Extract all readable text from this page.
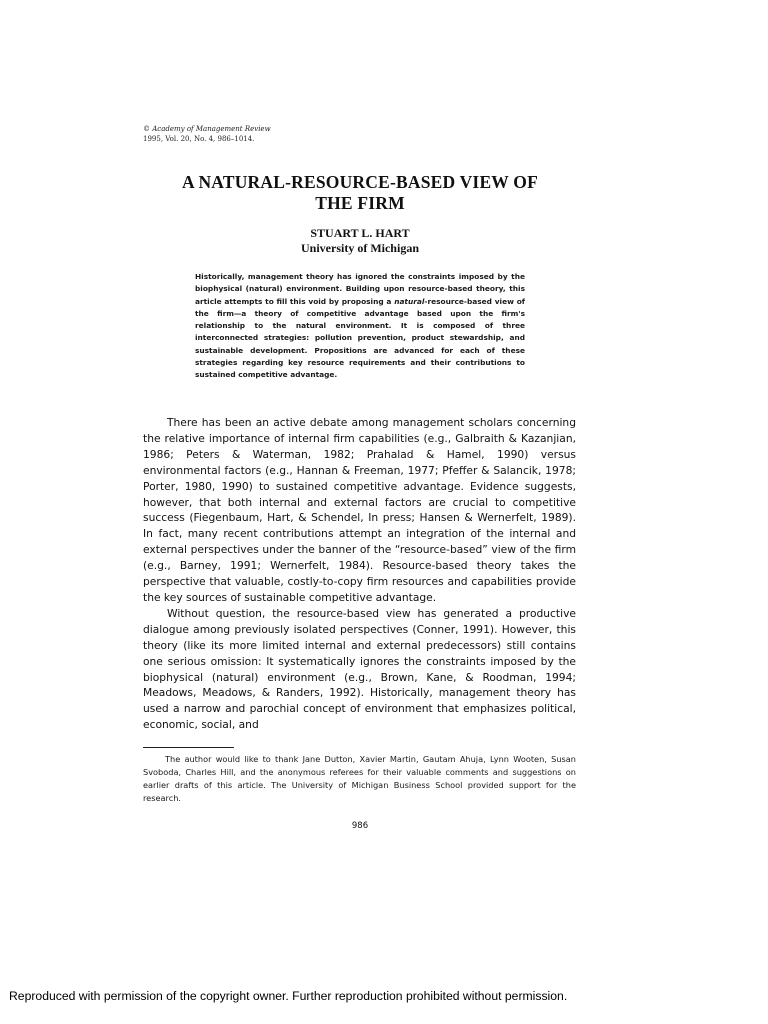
© Academy of Management Review
1995, Vol. 20, No. 4, 986–1014.
A NATURAL-RESOURCE-BASED VIEW OF
THE FIRM
STUART L. HART
University of Michigan
Historically, management theory has ignored the constraints imposed by the biophysical (natural) environment. Building upon resource-based theory, this article attempts to fill this void by proposing a natural-resource-based view of the firm—a theory of competitive advantage based upon the firm's relationship to the natural environment. It is composed of three interconnected strategies: pollution prevention, product stewardship, and sustainable development. Propositions are advanced for each of these strategies regarding key resource requirements and their contributions to sustained competitive advantage.

There has been an active debate among management scholars concerning the relative importance of internal firm capabilities (e.g., Galbraith & Kazanjian, 1986; Peters & Waterman, 1982; Prahalad & Hamel, 1990) versus environmental factors (e.g., Hannan & Freeman, 1977; Pfeffer & Salancik, 1978; Porter, 1980, 1990) to sustained competitive advantage. Evidence suggests, however, that both internal and external factors are crucial to competitive success (Fiegenbaum, Hart, & Schendel, In press; Hansen & Wernerfelt, 1989). In fact, many recent contributions attempt an integration of the internal and external perspectives under the banner of the “resource-based” view of the firm (e.g., Barney, 1991; Wernerfelt, 1984). Resource-based theory takes the perspective that valuable, costly-to-copy firm resources and capabilities provide the key sources of sustainable competitive advantage.

Without question, the resource-based view has generated a productive dialogue among previously isolated perspectives (Conner, 1991). However, this theory (like its more limited internal and external predecessors) still contains one serious omission: It systematically ignores the constraints imposed by the biophysical (natural) environment (e.g., Brown, Kane, & Roodman, 1994; Meadows, Meadows, & Randers, 1992). Historically, management theory has used a narrow and parochial concept of environment that emphasizes political, economic, social, and

The author would like to thank Jane Dutton, Xavier Martin, Gautam Ahuja, Lynn Wooten, Susan Svoboda, Charles Hill, and the anonymous referees for their valuable comments and suggestions on earlier drafts of this article. The University of Michigan Business School provided support for the research.

986
Reproduced with permission of the copyright owner. Further reproduction prohibited without permission.
